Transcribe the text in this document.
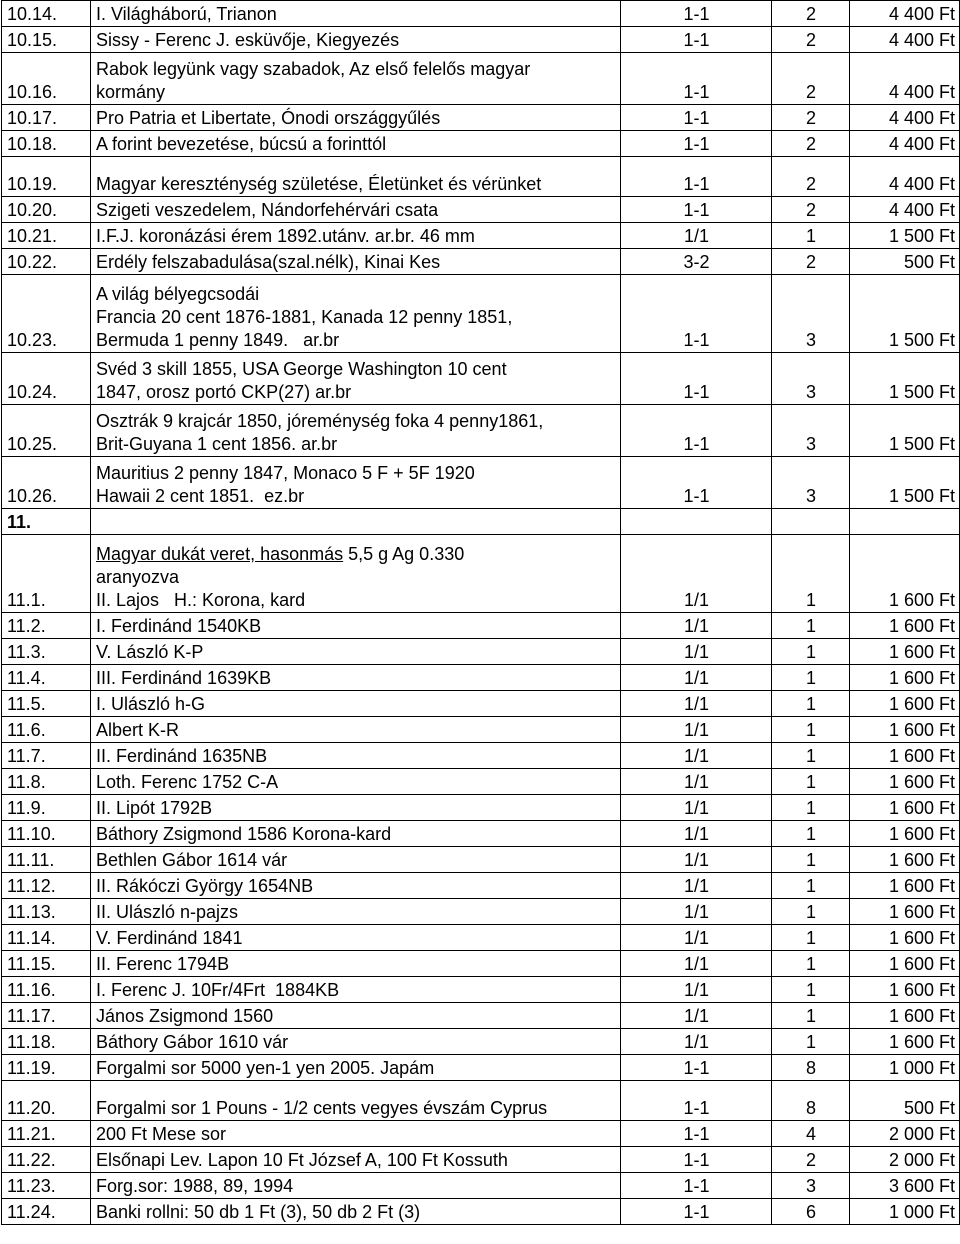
10.14.	I. Világháború, Trianon	1-1	2	4 400 Ft
10.15.	Sissy - Ferenc J. esküvője, Kiegyezés	1-1	2	4 400 Ft
10.16.	Rabok legyünk vagy szabadok, Az első felelős magyar
kormány	1-1	2	4 400 Ft
10.17.	Pro Patria et Libertate, Ónodi országgyűlés	1-1	2	4 400 Ft
10.18.	A forint bevezetése, búcsú a forinttól	1-1	2	4 400 Ft
10.19.	Magyar kereszténység születése, Életünket és vérünket	1-1	2	4 400 Ft
10.20.	Szigeti veszedelem, Nándorfehérvári csata	1-1	2	4 400 Ft
10.21.	I.F.J. koronázási érem 1892.utánv. ar.br. 46 mm	1/1	1	1 500 Ft
10.22.	Erdély felszabadulása(szal.nélk), Kinai Kes	3-2	2	500 Ft
10.23.	A világ bélyegcsodái
Francia 20 cent 1876-1881, Kanada 12 penny 1851,
Bermuda 1 penny 1849.   ar.br	1-1	3	1 500 Ft
10.24.	Svéd 3 skill 1855, USA George Washington 10 cent
1847, orosz portó CKP(27) ar.br	1-1	3	1 500 Ft
10.25.	Osztrák 9 krajcár 1850, jóreménység foka 4 penny1861,
Brit-Guyana 1 cent 1856. ar.br	1-1	3	1 500 Ft
10.26.	Mauritius 2 penny 1847, Monaco 5 F + 5F 1920
Hawaii 2 cent 1851.  ez.br	1-1	3	1 500 Ft
11.	

11.1.	Magyar dukát veret, hasonmás 5,5 g Ag 0.330
aranyozva
II. Lajos   H.: Korona, kard	1/1	1	1 600 Ft
11.2.	I. Ferdinánd 1540KB	1/1	1	1 600 Ft
11.3.	V. László K-P	1/1	1	1 600 Ft
11.4.	III. Ferdinánd 1639KB	1/1	1	1 600 Ft
11.5.	I. Ulászló h-G	1/1	1	1 600 Ft
11.6.	Albert K-R	1/1	1	1 600 Ft
11.7.	II. Ferdinánd 1635NB	1/1	1	1 600 Ft
11.8.	Loth. Ferenc 1752 C-A	1/1	1	1 600 Ft
11.9.	II. Lipót 1792B	1/1	1	1 600 Ft
11.10.	Báthory Zsigmond 1586 Korona-kard	1/1	1	1 600 Ft
11.11.	Bethlen Gábor 1614 vár	1/1	1	1 600 Ft
11.12.	II. Rákóczi György 1654NB	1/1	1	1 600 Ft
11.13.	II. Ulászló n-pajzs	1/1	1	1 600 Ft
11.14.	V. Ferdinánd 1841	1/1	1	1 600 Ft
11.15.	II. Ferenc 1794B	1/1	1	1 600 Ft
11.16.	I. Ferenc J. 10Fr/4Frt  1884KB	1/1	1	1 600 Ft
11.17.	János Zsigmond 1560	1/1	1	1 600 Ft
11.18.	Báthory Gábor 1610 vár	1/1	1	1 600 Ft
11.19.	Forgalmi sor 5000 yen-1 yen 2005. Japám	1-1	8	1 000 Ft
11.20.	Forgalmi sor 1 Pouns - 1/2 cents vegyes évszám Cyprus	1-1	8	500 Ft
11.21.	200 Ft Mese sor	1-1	4	2 000 Ft
11.22.	Elsőnapi Lev. Lapon 10 Ft József A, 100 Ft Kossuth	1-1	2	2 000 Ft
11.23.	Forg.sor: 1988, 89, 1994	1-1	3	3 600 Ft
11.24.	Banki rollni: 50 db 1 Ft (3), 50 db 2 Ft (3)	1-1	6	1 000 Ft
